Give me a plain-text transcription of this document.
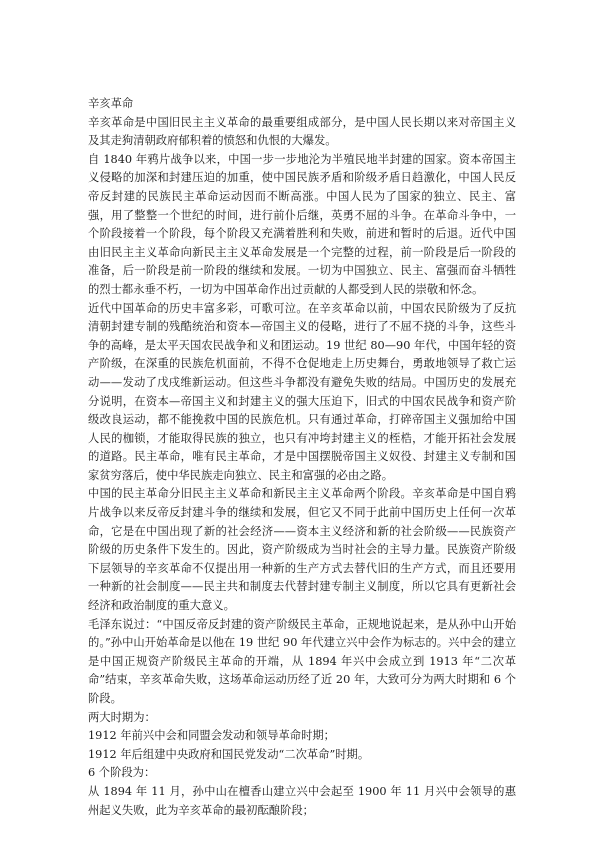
辛亥革命

辛亥革命是中国旧民主主义革命的最重要组成部分，是中国人民长期以来对帝国主义及其走狗清朝政府郁积着的愤怒和仇恨的大爆发。

自 1840 年鸦片战争以来，中国一步一步地沦为半殖民地半封建的国家。资本帝国主义侵略的加深和封建压迫的加重，使中国民族矛盾和阶级矛盾日趋激化，中国人民反帝反封建的民族民主革命运动因而不断高涨。中国人民为了国家的独立、民主、富强，用了整整一个世纪的时间，进行前仆后继，英勇不屈的斗争。在革命斗争中，一个阶段接着一个阶段，每个阶段又充满着胜利和失败，前进和暂时的后退。近代中国由旧民主主义革命向新民主主义革命发展是一个完整的过程，前一阶段是后一阶段的准备，后一阶段是前一阶段的继续和发展。一切为中国独立、民主、富强而奋斗牺牲的烈士都永垂不朽，一切为中国革命作出过贡献的人都受到人民的崇敬和怀念。

近代中国革命的历史丰富多彩，可歌可泣。在辛亥革命以前，中国农民阶级为了反抗清朝封建专制的残酷统治和资本—帝国主义的侵略，进行了不屈不挠的斗争，这些斗争的高峰，是太平天国农民战争和义和团运动。19 世纪 80—90 年代，中国年轻的资产阶级，在深重的民族危机面前，不得不仓促地走上历史舞台，勇敢地领导了救亡运动——发动了戊戌维新运动。但这些斗争都没有避免失败的结局。中国历史的发展充分说明，在资本—帝国主义和封建主义的强大压迫下，旧式的中国农民战争和资产阶级改良运动，都不能挽救中国的民族危机。只有通过革命，打碎帝国主义强加给中国人民的枷锁，才能取得民族的独立，也只有冲垮封建主义的桎梏，才能开拓社会发展的道路。民主革命，唯有民主革命，才是中国摆脱帝国主义奴役、封建主义专制和国家贫穷落后，使中华民族走向独立、民主和富强的必由之路。

中国的民主革命分旧民主主义革命和新民主主义革命两个阶段。辛亥革命是中国自鸦片战争以来反帝反封建斗争的继续和发展，但它又不同于此前中国历史上任何一次革命，它是在中国出现了新的社会经济——资本主义经济和新的社会阶级——民族资产阶级的历史条件下发生的。因此，资产阶级成为当时社会的主导力量。民族资产阶级下层领导的辛亥革命不仅提出用一种新的生产方式去替代旧的生产方式，而且还要用一种新的社会制度——民主共和制度去代替封建专制主义制度，所以它具有更新社会经济和政治制度的重大意义。

毛泽东说过：“中国反帝反封建的资产阶级民主革命，正规地说起来，是从孙中山开始的。”孙中山开始革命是以他在 19 世纪 90 年代建立兴中会作为标志的。兴中会的建立是中国正规资产阶级民主革命的开端，从 1894 年兴中会成立到 1913 年“二次革命”结束，辛亥革命失败，这场革命运动历经了近 20 年，大致可分为两大时期和 6 个阶段。

两大时期为：

1912 年前兴中会和同盟会发动和领导革命时期；

1912 年后组建中央政府和国民党发动“二次革命”时期。

6 个阶段为：

从 1894 年 11 月，孙中山在檀香山建立兴中会起至 1900 年 11 月兴中会领导的惠州起义失败，此为辛亥革命的最初酝酿阶段；
